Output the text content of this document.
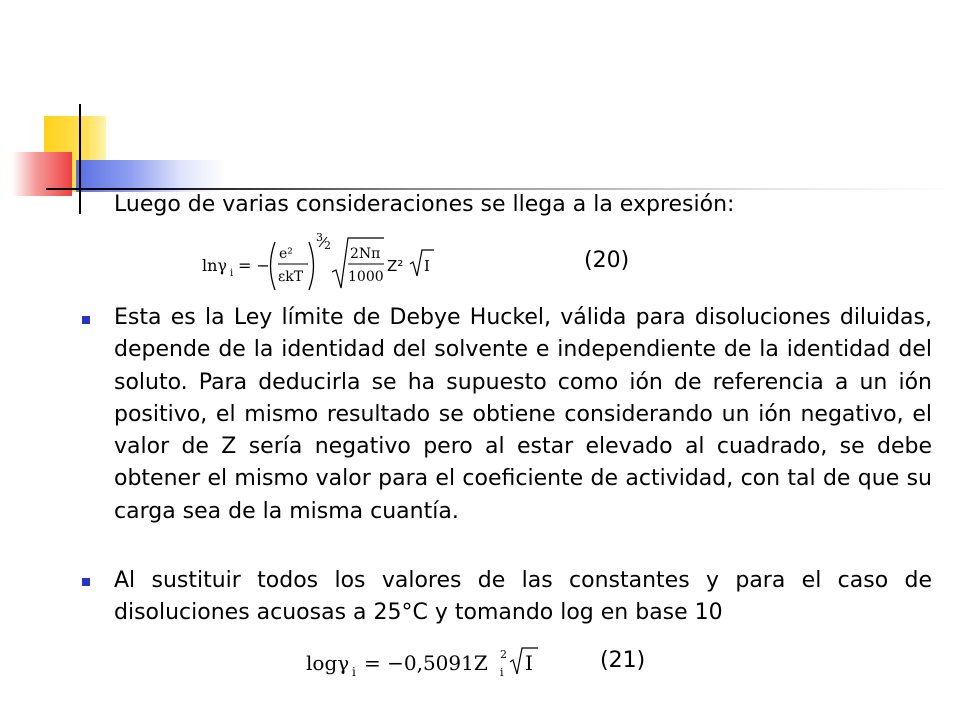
Luego de varias consideraciones se llega a la expresión:
lnγ i = −
e²
εkT
3
2
2Nπ
1000
Z² I	(20)
Esta es la Ley límite de Debye Huckel, válida para disoluciones diluidas, depende de la identidad del solvente e independiente de la identidad del soluto. Para deducirla se ha supuesto como ión de referencia a un ión positivo, el mismo resultado se obtiene considerando un ión negativo, el valor de Z sería negativo pero al estar elevado al cuadrado, se debe obtener el mismo valor para el coeficiente de actividad, con tal de que su carga sea de la misma cuantía.
Al sustituir todos los valores de las constantes y para el caso de disoluciones acuosas a 25°C y tomando log en base 10
logγ i = −0,5091Z 2
i I	(21)
